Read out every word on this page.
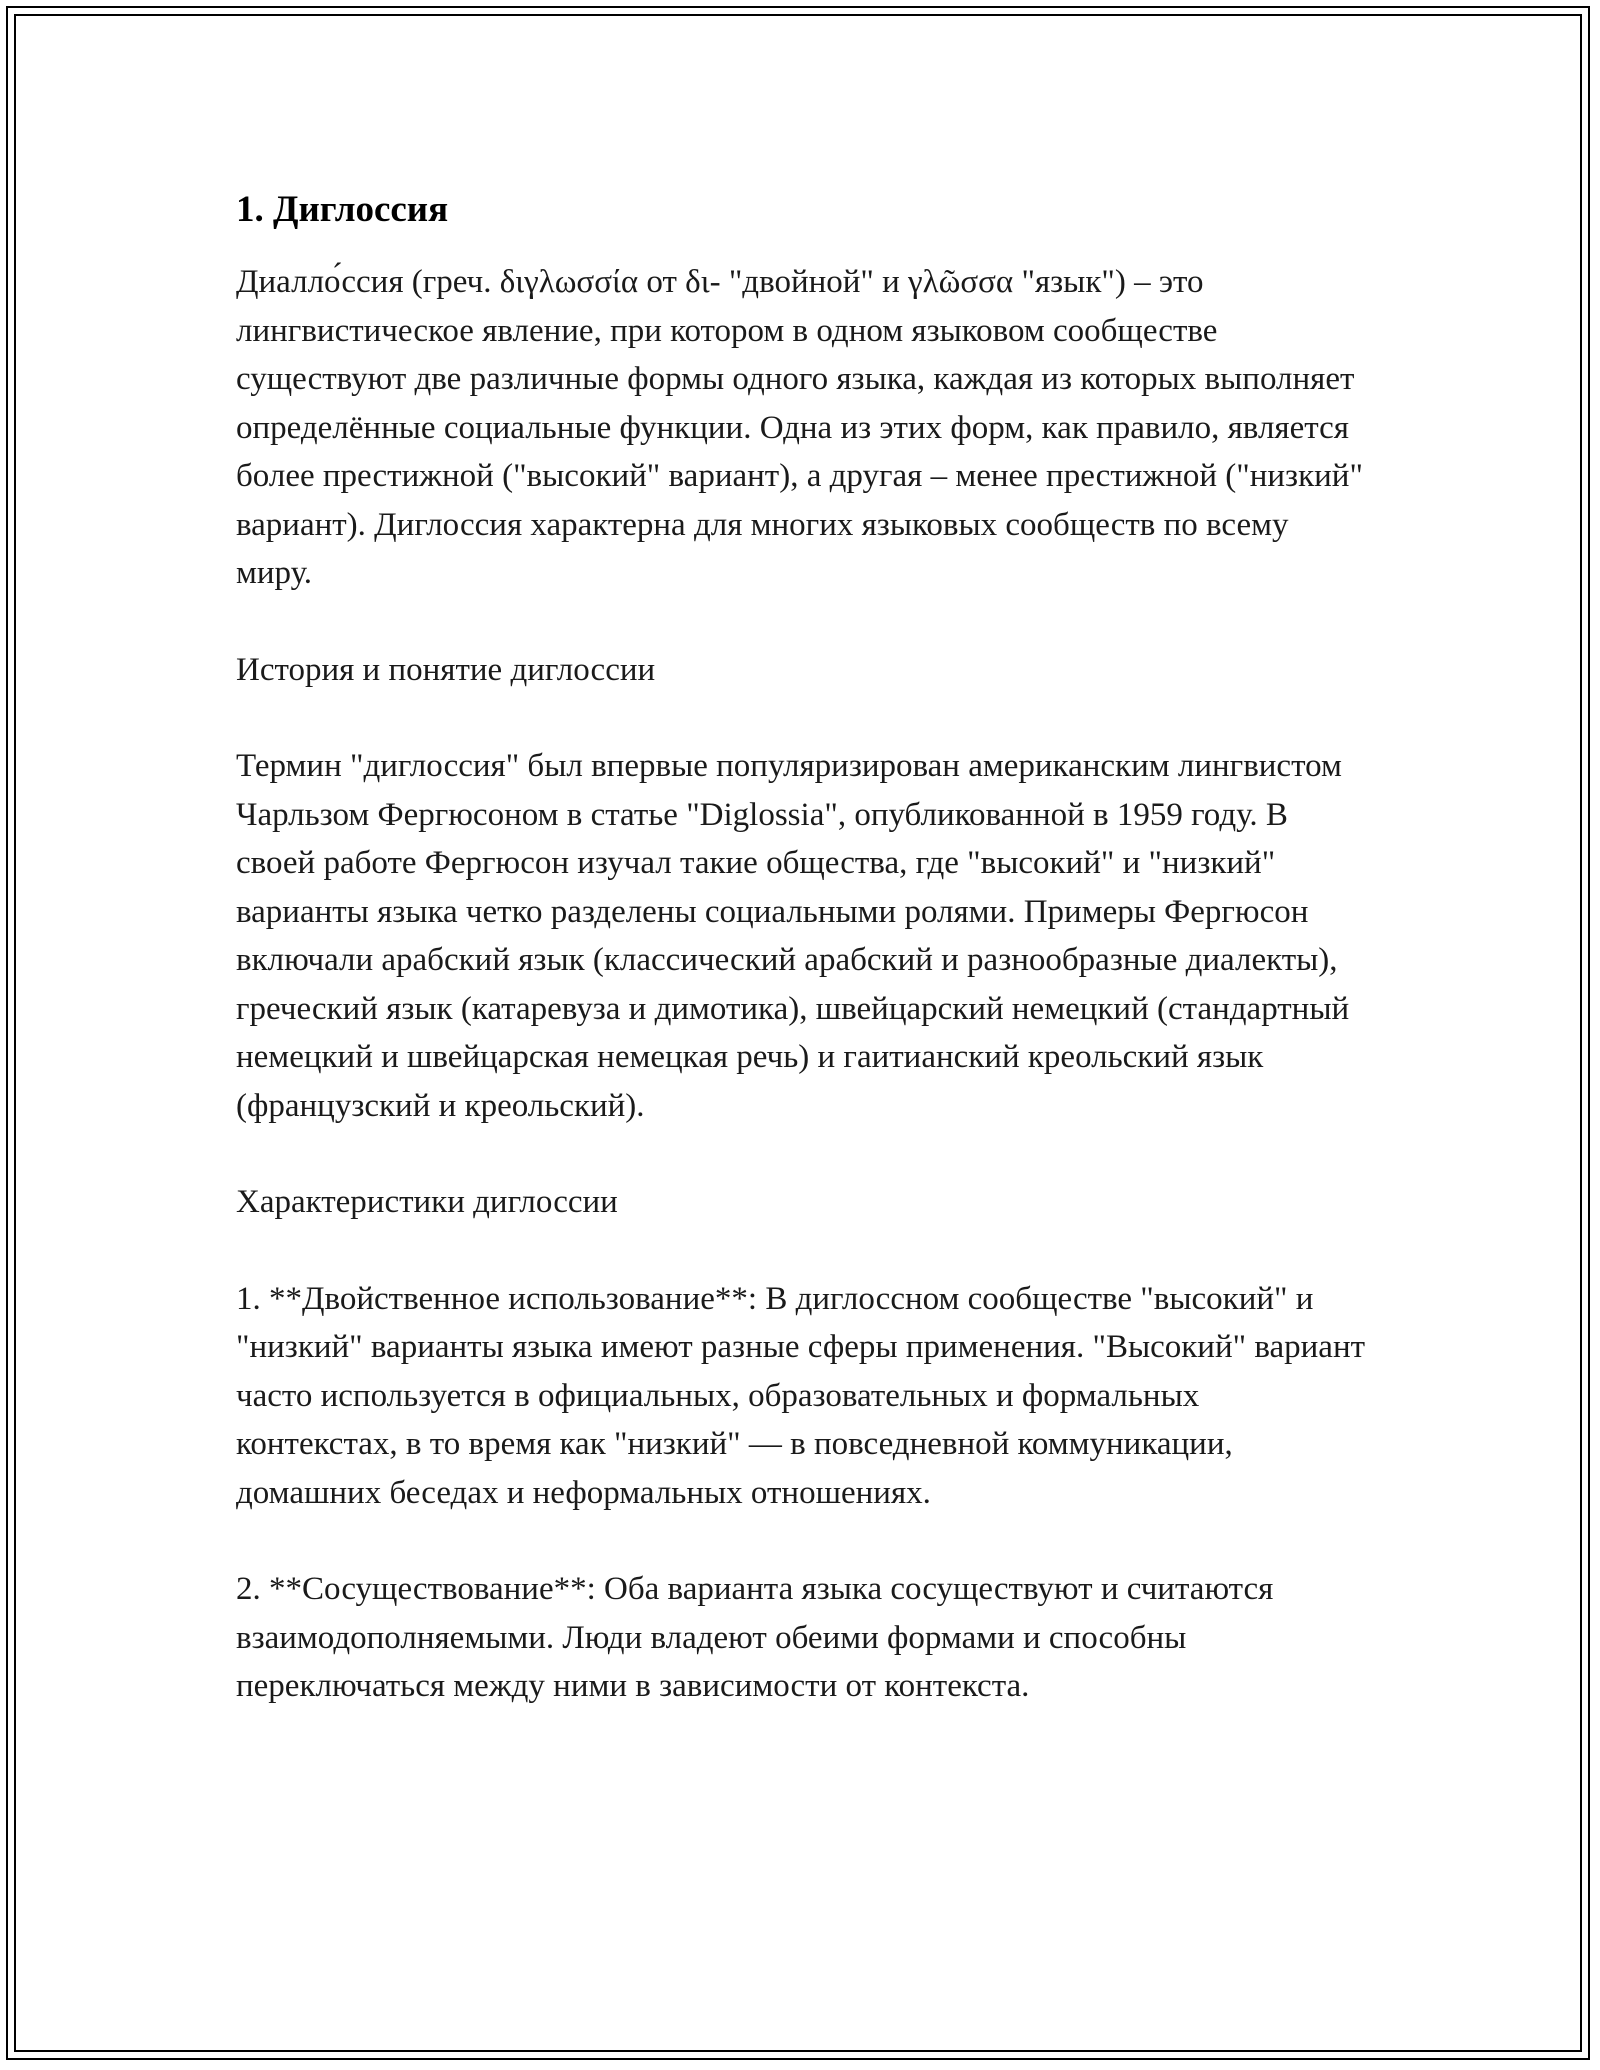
1. Диглоссия

Диалло́ссия (греч. διγλωσσία от δι- "двойной" и γλῶσσα "язык") – это лингвистическое явление, при котором в одном языковом сообществе существуют две различные формы одного языка, каждая из которых выполняет определённые социальные функции. Одна из этих форм, как правило, является более престижной ("высокий" вариант), а другая – менее престижной ("низкий" вариант). Диглоссия характерна для многих языковых сообществ по всему миру.

История и понятие диглоссии

Термин "диглоссия" был впервые популяризирован американским лингвистом Чарльзом Фергюсоном в статье "Diglossia", опубликованной в 1959 году. В своей работе Фергюсон изучал такие общества, где "высокий" и "низкий" варианты языка четко разделены социальными ролями. Примеры Фергюсон включали арабский язык (классический арабский и разнообразные диалекты), греческий язык (катаревуза и димотика), швейцарский немецкий (стандартный немецкий и швейцарская немецкая речь) и гаитианский креольский язык (французский и креольский).

Характеристики диглоссии

1. **Двойственное использование**: В диглоссном сообществе "высокий" и "низкий" варианты языка имеют разные сферы применения. "Высокий" вариант часто используется в официальных, образовательных и формальных контекстах, в то время как "низкий" — в повседневной коммуникации, домашних беседах и неформальных отношениях.

2. **Сосуществование**: Оба варианта языка сосуществуют и считаются взаимодополняемыми. Люди владеют обеими формами и способны переключаться между ними в зависимости от контекста.
